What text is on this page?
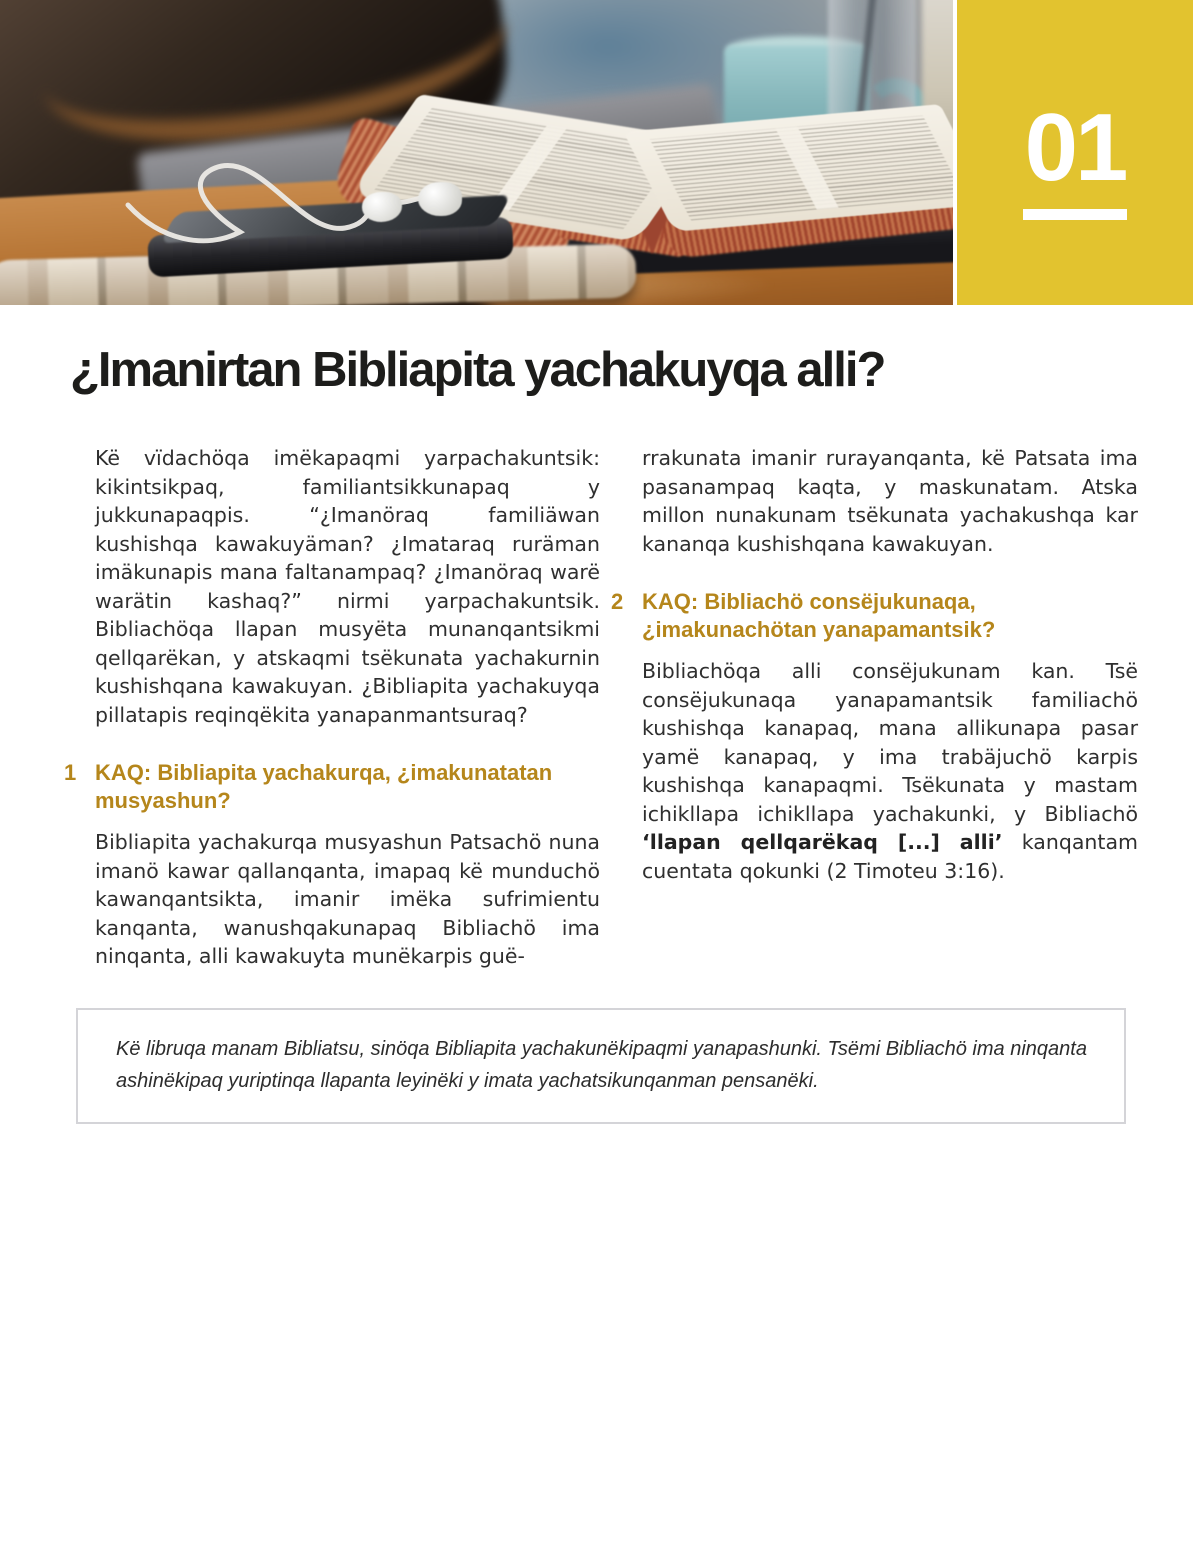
01
¿Imanirtan Bibliapita yachakuyqa alli?

Kë vïdachöqa imëkapaqmi yarpachakuntsik: kikintsikpaq, familiantsikkunapaq y jukkunapaqpis. “¿Imanöraq familiäwan kushishqa kawakuyäman? ¿Imataraq ruräman imäkunapis mana faltanampaq? ¿Imanöraq warë warätin kashaq?” nirmi yarpachakuntsik. Bibliachöqa llapan musyëta munanqantsikmi qellqarëkan, y atskaqmi tsëkunata yachakurnin kushishqana kawakuyan. ¿Bibliapita yachakuyqa pillatapis reqinqëkita yanapanmantsuraq?

1 KAQ: Bibliapita yachakurqa, ¿imakunatatan musyashun?

Bibliapita yachakurqa musyashun Patsachö nuna imanö kawar qallanqanta, imapaq kë munduchö kawanqantsikta, imanir imëka sufrimientu kanqanta, wanushqakunapaq Bibliachö ima ninqanta, alli kawakuyta munëkarpis guë-

rrakunata imanir rurayanqanta, kë Patsata ima pasanampaq kaqta, y maskunatam. Atska millon nunakunam tsëkunata yachakushqa kar kananqa kushishqana kawakuyan.

2 KAQ: Bibliachö consëjukunaqa, ¿imakunachötan yanapamantsik?

Bibliachöqa alli consëjukunam kan. Tsë consëjukunaqa yanapamantsik familiachö kushishqa kanapaq, mana allikunapa pasar yamë kanapaq, y ima trabäjuchö karpis kushishqa kanapaqmi. Tsëkunata y mastam ichikllapa ichikllapa yachakunki, y Bibliachö ‘llapan qellqarëkaq [...] alli’ kanqantam cuentata qokunki (2 Timoteu 3:16).

Kë libruqa manam Bibliatsu, sinöqa Bibliapita yachakunëkipaqmi yanapashunki. Tsëmi Bibliachö ima ninqanta ashinëkipaq yuriptinqa llapanta leyinëki y imata yachatsikunqanman pensanëki.
